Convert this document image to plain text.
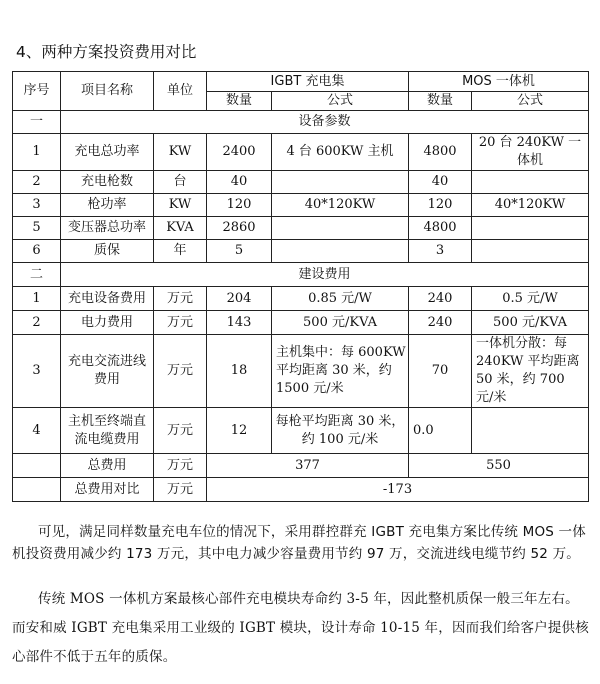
4、两种方案投资费用对比
序号	项目名称	单位	IGBT 充电集		MOS 一体机	
			数量	公式	数量	公式
一	设备参数					
1	充电总功率	KW	2400	4 台 600KW 主机	4800	20 台 240KW 一体机
2	充电枪数	台	40		40	
3	枪功率	KW	120	40*120KW	120	40*120KW
5	变压器总功率	KVA	2860		4800	
6	质保	年	5		3	
二	建设费用					
1	充电设备费用	万元	204	0.85 元/W	240	0.5 元/W
2	电力费用	万元	143	500 元/KVA	240	500 元/KVA
3	充电交流进线费用	万元	18	主机集中：每 600KW 平均距离 30 米，约 1500 元/米	70	一体机分散：每 240KW 平均距离 50 米，约 700 元/米
4	主机至终端直流电缆费用	万元	12	每枪平均距离 30 米，约 100 元/米	0.0	
	总费用	万元	377		550	
	总费用对比	万元	-173			
可见，满足同样数量充电车位的情况下，采用群控群充 IGBT 充电集方案比传统 MOS 一体机投资费用减少约 173 万元，其中电力减少容量费用节约 97 万，交流进线电缆节约 52 万。
传统 MOS 一体机方案最核心部件充电模块寿命约 3-5 年，因此整机质保一般三年左右。而安和威 IGBT 充电集采用工业级的 IGBT 模块，设计寿命 10-15 年，因而我们给客户提供核心部件不低于五年的质保。
